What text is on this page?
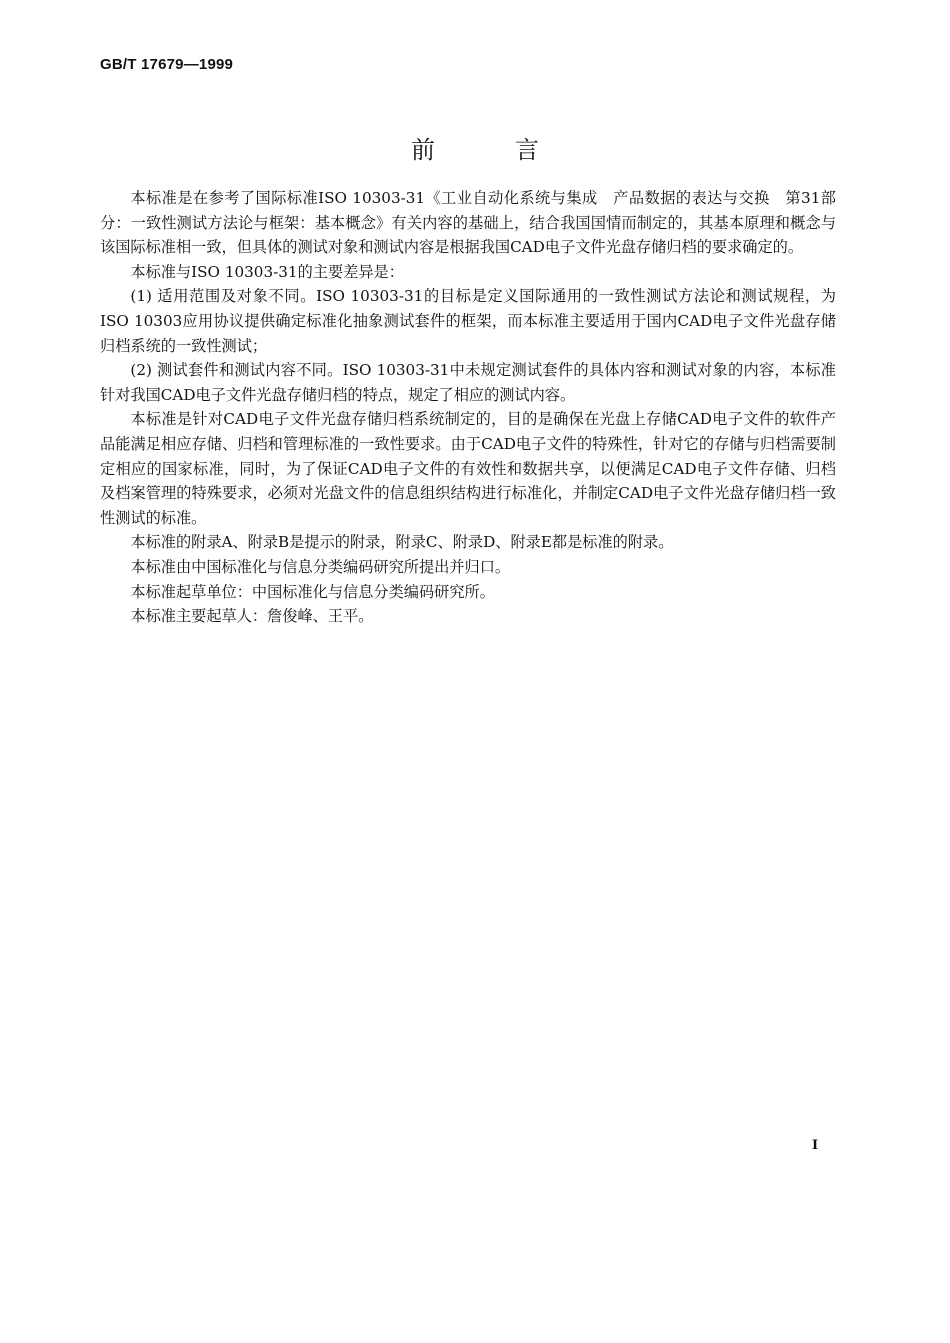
GB/T 17679—1999
前	言

本标准是在参考了国际标准ISO 10303-31《工业自动化系统与集成　产品数据的表达与交换　第31部分：一致性测试方法论与框架：基本概念》有关内容的基础上，结合我国国情而制定的，其基本原理和概念与该国际标准相一致，但具体的测试对象和测试内容是根据我国CAD电子文件光盘存储归档的要求确定的。

本标准与ISO 10303-31的主要差异是：

(1) 适用范围及对象不同。ISO 10303-31的目标是定义国际通用的一致性测试方法论和测试规程，为ISO 10303应用协议提供确定标准化抽象测试套件的框架，而本标准主要适用于国内CAD电子文件光盘存储归档系统的一致性测试；

(2) 测试套件和测试内容不同。ISO 10303-31中未规定测试套件的具体内容和测试对象的内容，本标准针对我国CAD电子文件光盘存储归档的特点，规定了相应的测试内容。

本标准是针对CAD电子文件光盘存储归档系统制定的，目的是确保在光盘上存储CAD电子文件的软件产品能满足相应存储、归档和管理标准的一致性要求。由于CAD电子文件的特殊性，针对它的存储与归档需要制定相应的国家标准，同时，为了保证CAD电子文件的有效性和数据共享，以便满足CAD电子文件存储、归档及档案管理的特殊要求，必须对光盘文件的信息组织结构进行标准化，并制定CAD电子文件光盘存储归档一致性测试的标准。

本标准的附录A、附录B是提示的附录，附录C、附录D、附录E都是标准的附录。

本标准由中国标准化与信息分类编码研究所提出并归口。

本标准起草单位：中国标准化与信息分类编码研究所。

本标准主要起草人：詹俊峰、王平。

I
